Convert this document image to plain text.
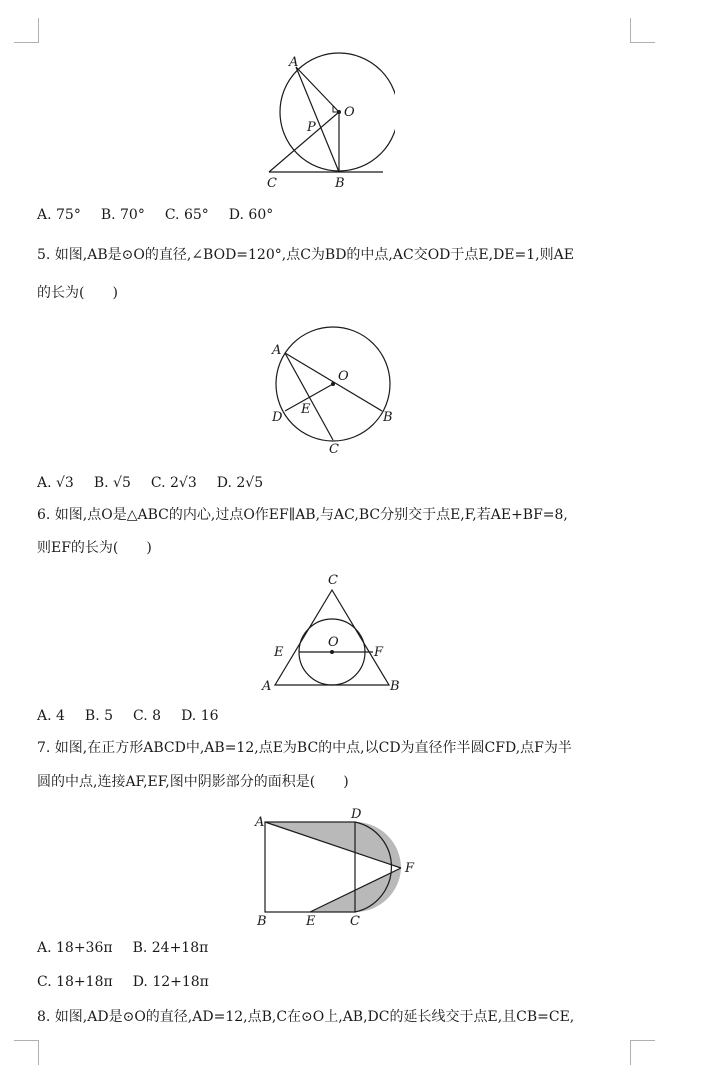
A
O
P
C	B
A. 75° B. 70° C. 65° D. 60°
5. 如图,AB是⊙O的直径,∠BOD=120°,点C为BD的中点,AC交OD于点E,DE=1,则AE
的长为(　　)
A
O
D
E
B
C
A. √3 B. √5 C. 2√3 D. 2√5
6. 如图,点O是△ABC的内心,过点O作EF∥AB,与AC,BC分别交于点E,F,若AE+BF=8,
则EF的长为(　　)
C
O
E	F
A	B
A. 4 B. 5 C. 8 D. 16
7. 如图,在正方形ABCD中,AB=12,点E为BC的中点,以CD为直径作半圆CFD,点F为半
圆的中点,连接AF,EF,图中阴影部分的面积是(　　)
A
D
F
B	E	C
A. 18+36π B. 24+18π
C. 18+18π D. 12+18π
8. 如图,AD是⊙O的直径,AD=12,点B,C在⊙O上,AB,DC的延长线交于点E,且CB=CE,
